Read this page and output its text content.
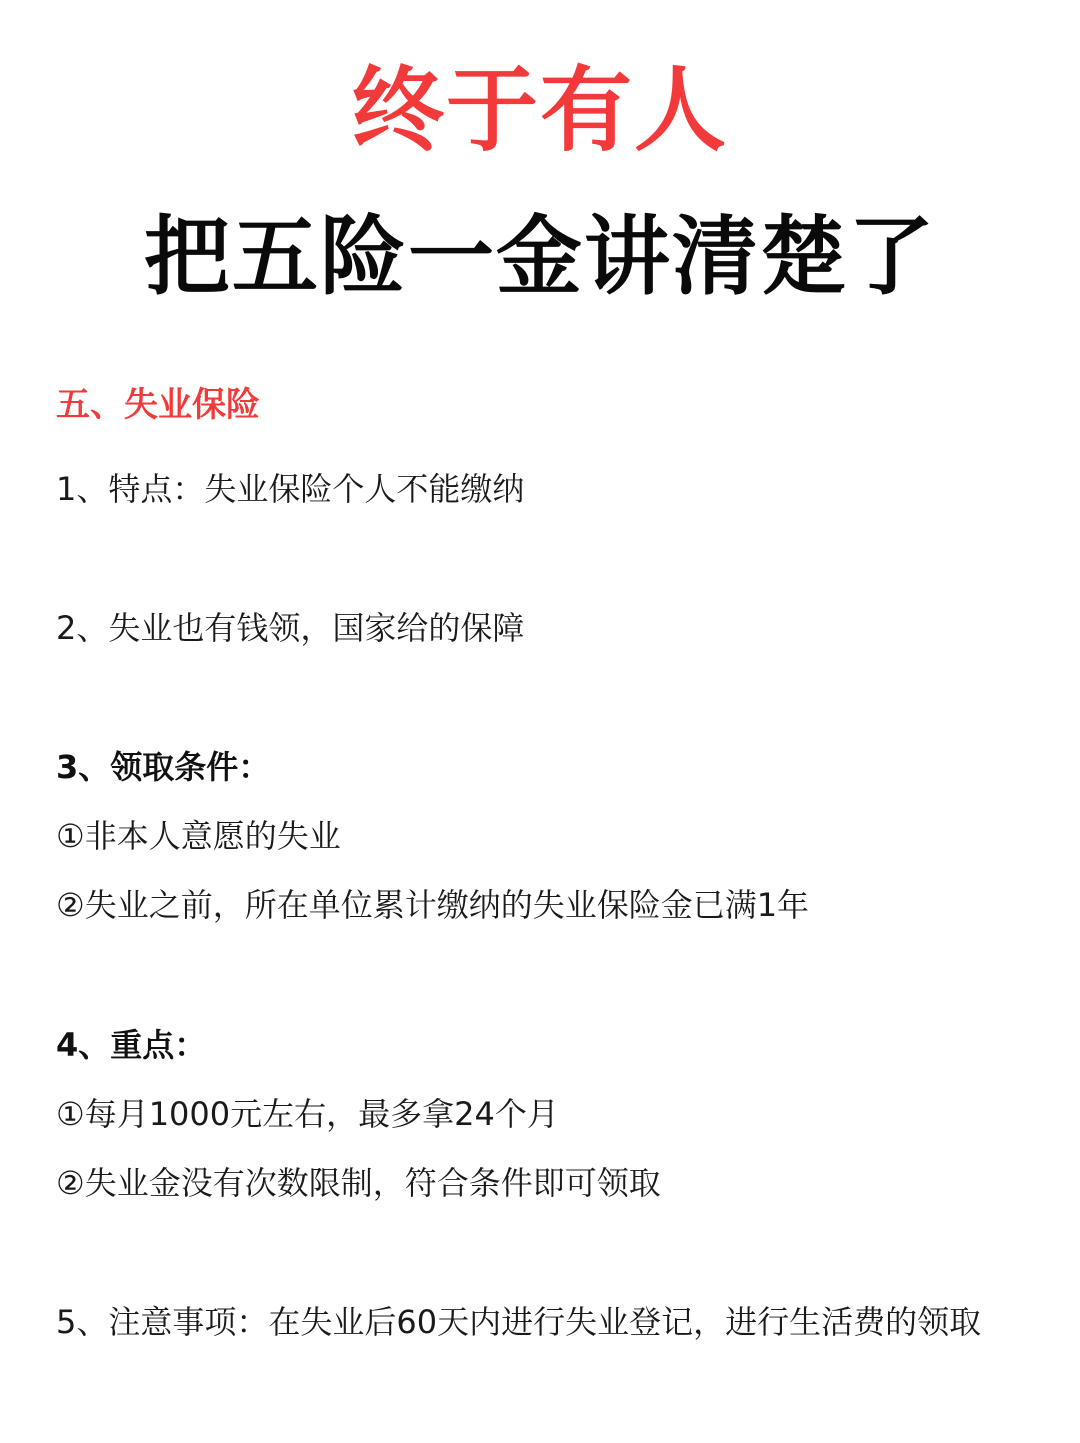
终于有人
把五险一金讲清楚了
五、失业保险
1、特点：失业保险个人不能缴纳
2、失业也有钱领，国家给的保障
3、领取条件：
①非本人意愿的失业
②失业之前，所在单位累计缴纳的失业保险金已满1年
4、重点：
①每月1000元左右，最多拿24个月
②失业金没有次数限制，符合条件即可领取
5、注意事项：在失业后60天内进行失业登记，进行生活费的领取
